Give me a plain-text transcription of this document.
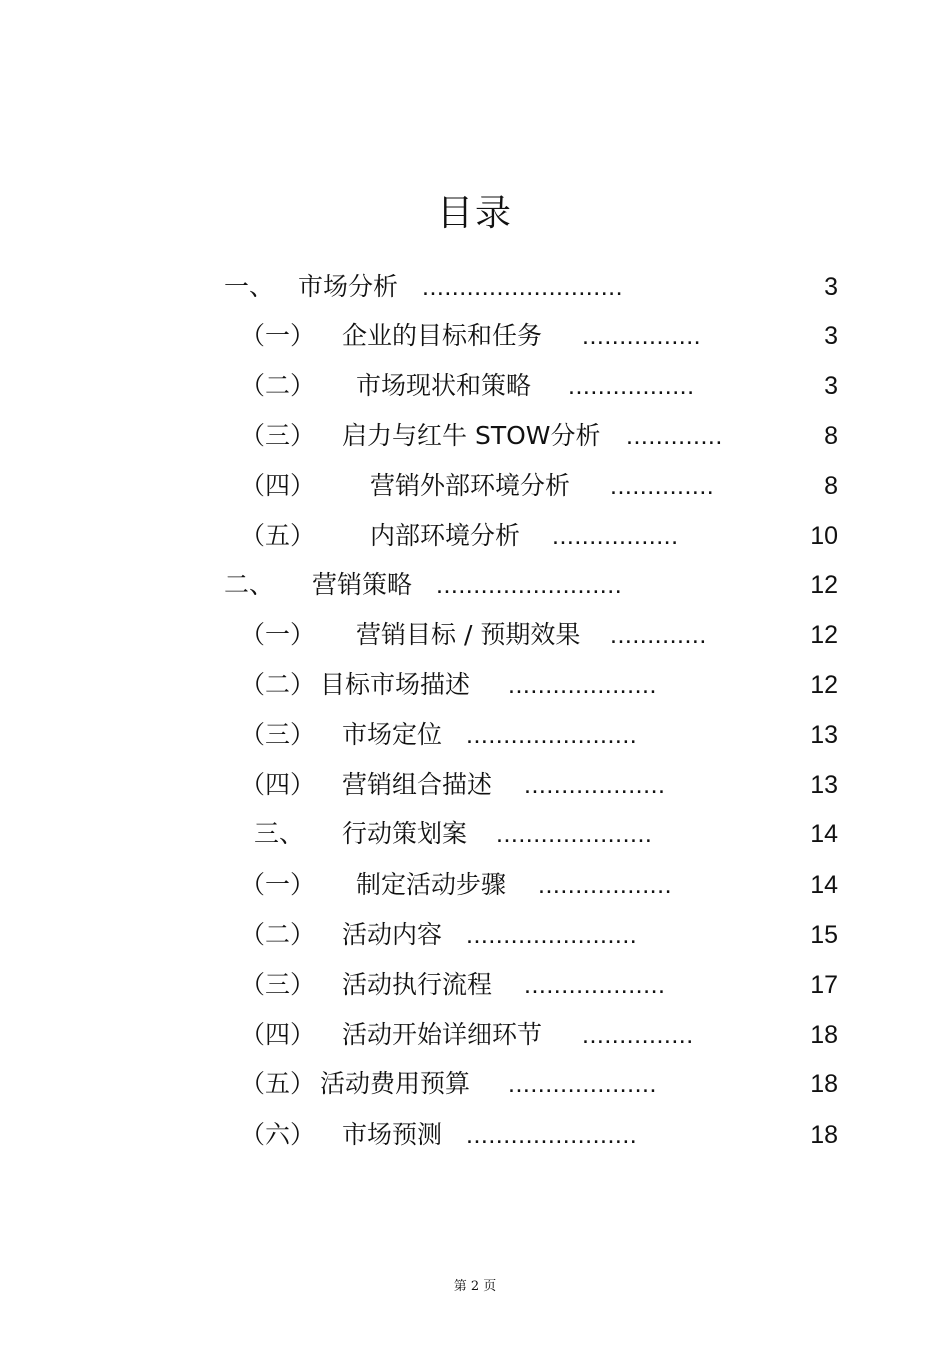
目录
一、 市场分析 ...........................	3
（一） 企业的目标和任务 ................	3
（二） 市场现状和策略 .................	3
（三） 启力与红牛 STOW分析 .............	8
（四） 营销外部环境分析 ..............	8
（五） 内部环境分析 .................	10
二、 营销策略 .........................	12
（一） 营销目标 / 预期效果 .............	12
（二） 目标市场描述 ....................	12
（三） 市场定位 .......................	13
（四） 营销组合描述 ...................	13
三、 行动策划案 .....................	14
（一） 制定活动步骤 ..................	14
（二） 活动内容 .......................	15
（三） 活动执行流程 ...................	17
（四） 活动开始详细环节 ...............	18
（五） 活动费用预算 ....................	18
（六） 市场预测 .......................	18
第 2 页
